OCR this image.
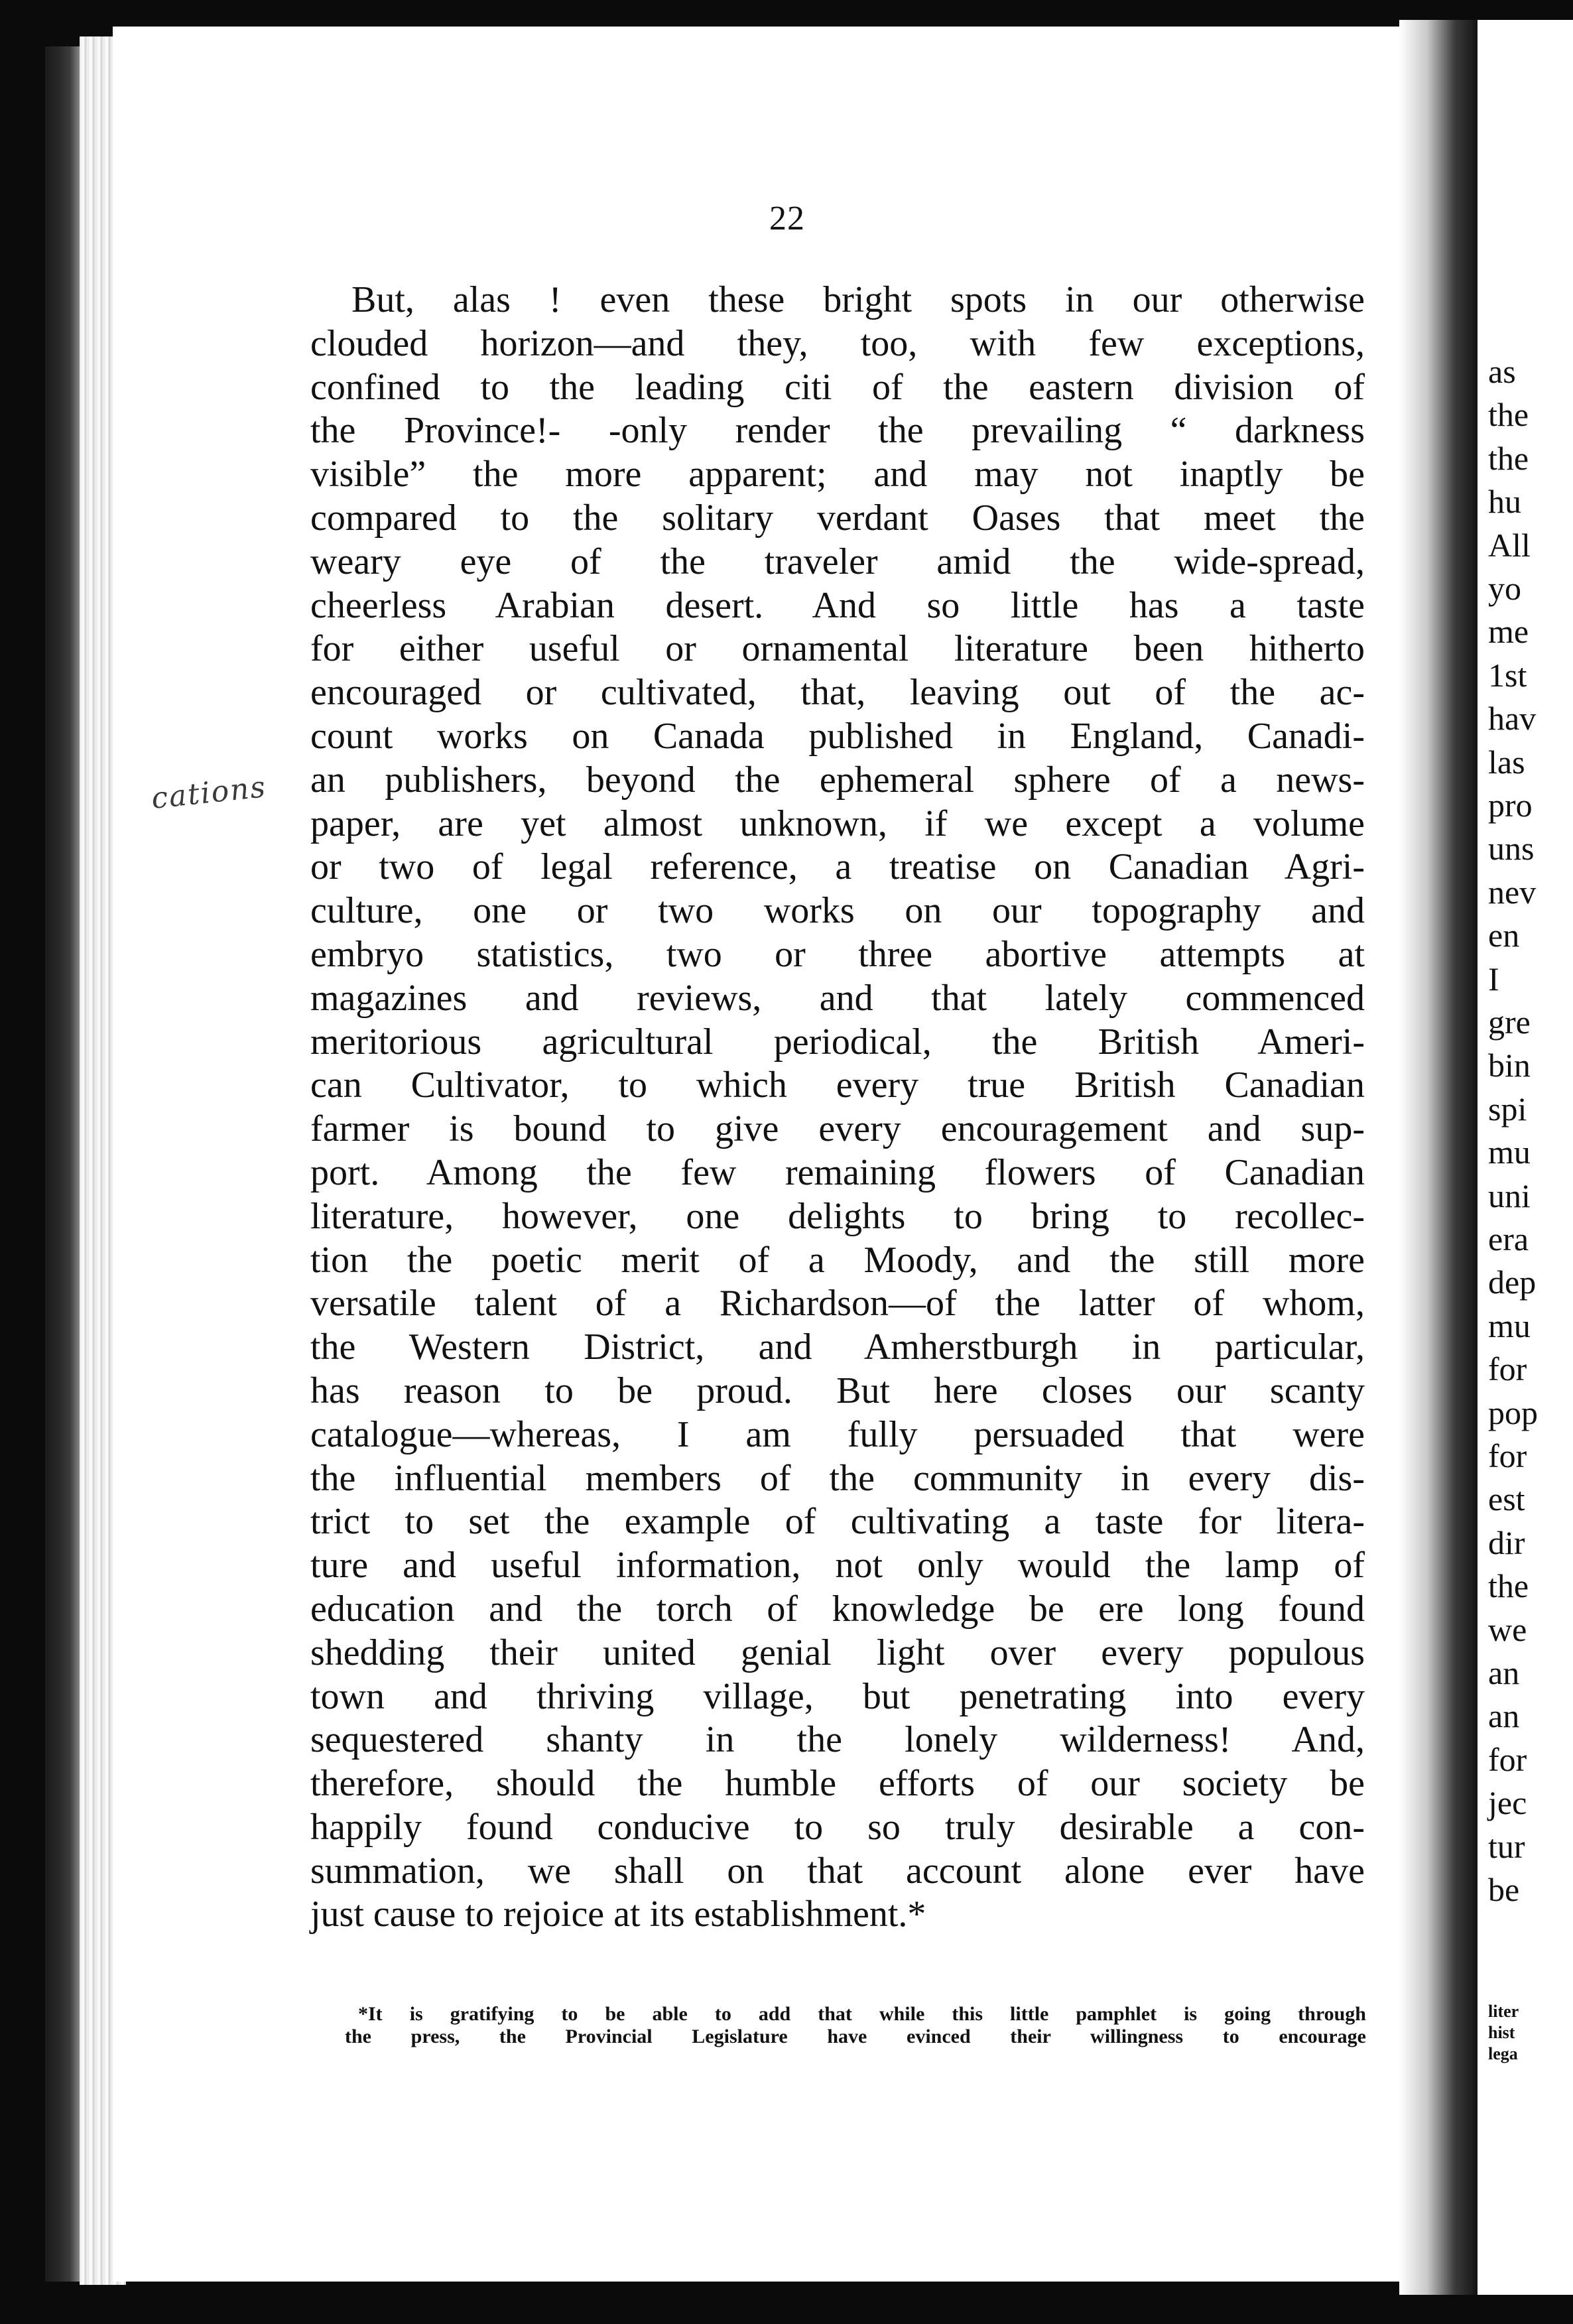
as
the
the
hu
All
yo
me
1st
hav
las
pro
uns
nev
en
I
gre
bin
spi
mu
uni
era
dep
mu
for
pop
for
est
dir
the
we
an
an
for
jec
tur
be
liter
hist
lega
22
cations
But, alas ! even these bright spots in our otherwise
clouded horizon—and they, too, with few exceptions,
confined to the leading citi of the eastern division of
the Province!- -only render the prevailing “ darkness
visible” the more apparent; and may not inaptly be
compared to the solitary verdant Oases that meet the
weary eye of the traveler amid the wide-spread,
cheerless Arabian desert. And so little has a taste
for either useful or ornamental literature been hitherto
encouraged or cultivated, that, leaving out of the ac-
count works on Canada published in England, Canadi-
an publishers, beyond the ephemeral sphere of a news-
paper, are yet almost unknown, if we except a volume
or two of legal reference, a treatise on Canadian Agri-
culture, one or two works on our topography and
embryo statistics, two or three abortive attempts at
magazines and reviews, and that lately commenced
meritorious agricultural periodical, the British Ameri-
can Cultivator, to which every true British Canadian
farmer is bound to give every encouragement and sup-
port. Among the few remaining flowers of Canadian
literature, however, one delights to bring to recollec-
tion the poetic merit of a Moody, and the still more
versatile talent of a Richardson—of the latter of whom,
the Western District, and Amherstburgh in particular,
has reason to be proud. But here closes our scanty
catalogue—whereas, I am fully persuaded that were
the influential members of the community in every dis-
trict to set the example of cultivating a taste for litera-
ture and useful information, not only would the lamp of
education and the torch of knowledge be ere long found
shedding their united genial light over every populous
town and thriving village, but penetrating into every
sequestered shanty in the lonely wilderness! And,
therefore, should the humble efforts of our society be
happily found conducive to so truly desirable a con-
summation, we shall on that account alone ever have
just cause to rejoice at its establishment.*
*It is gratifying to be able to add that while this little pamphlet is going through
the press, the Provincial Legislature have evinced their willingness to encourage
